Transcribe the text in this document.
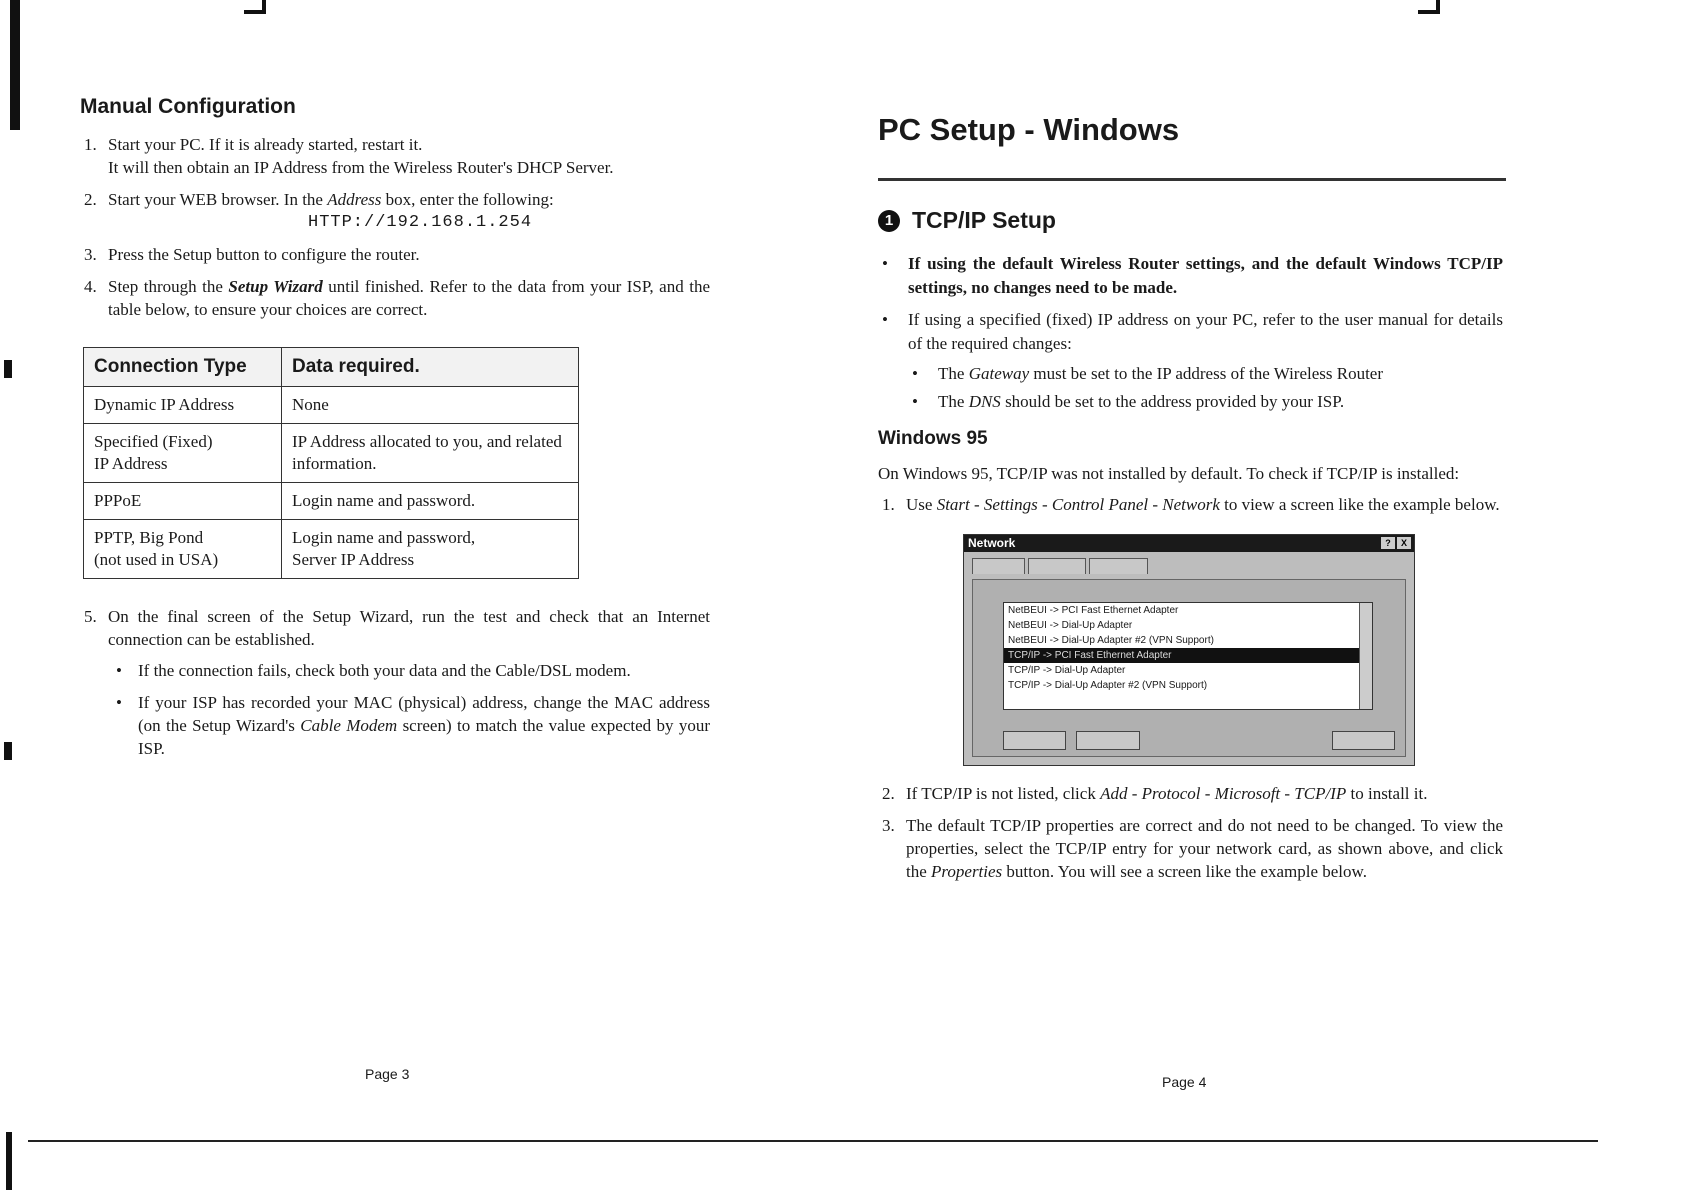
Manual Configuration
1. Start your PC. If it is already started, restart it.
It will then obtain an IP Address from the Wireless Router's DHCP Server.
2. Start your WEB browser. In the Address box, enter the following:
HTTP://192.168.1.254
3. Press the Setup button to configure the router.
4. Step through the Setup Wizard until finished. Refer to the data from your ISP, and the table below, to ensure your choices are correct.
Connection Type	Data required.
Dynamic IP Address	None
Specified (Fixed)
IP Address	IP Address allocated to you, and related information.
PPPoE	Login name and password.
PPTP, Big Pond
(not used in USA)	Login name and password,
Server IP Address
5. On the final screen of the Setup Wizard, run the test and check that an Internet connection can be established.
• If the connection fails, check both your data and the Cable/DSL modem.
• If your ISP has recorded your MAC (physical) address, change the MAC address (on the Setup Wizard's Cable Modem screen) to match the value expected by your ISP.
Page 3
PC Setup - Windows
1 TCP/IP Setup
• If using the default Wireless Router settings, and the default Windows TCP/IP settings, no changes need to be made.
• If using a specified (fixed) IP address on your PC, refer to the user manual for details of the required changes:
• The Gateway must be set to the IP address of the Wireless Router
• The DNS should be set to the address provided by your ISP.
Windows 95

On Windows 95, TCP/IP was not installed by default. To check if TCP/IP is installed:

1. Use Start - Settings - Control Panel - Network to view a screen like the example below.
Network	?	X

NetBEUI -> PCI Fast Ethernet Adapter
NetBEUI -> Dial-Up Adapter
NetBEUI -> Dial-Up Adapter #2 (VPN Support)
TCP/IP -> PCI Fast Ethernet Adapter
TCP/IP -> Dial-Up Adapter
TCP/IP -> Dial-Up Adapter #2 (VPN Support)

2. If TCP/IP is not listed, click Add - Protocol - Microsoft - TCP/IP to install it.
3. The default TCP/IP properties are correct and do not need to be changed. To view the properties, select the TCP/IP entry for your network card, as shown above, and click the Properties button. You will see a screen like the example below.
Page 4
